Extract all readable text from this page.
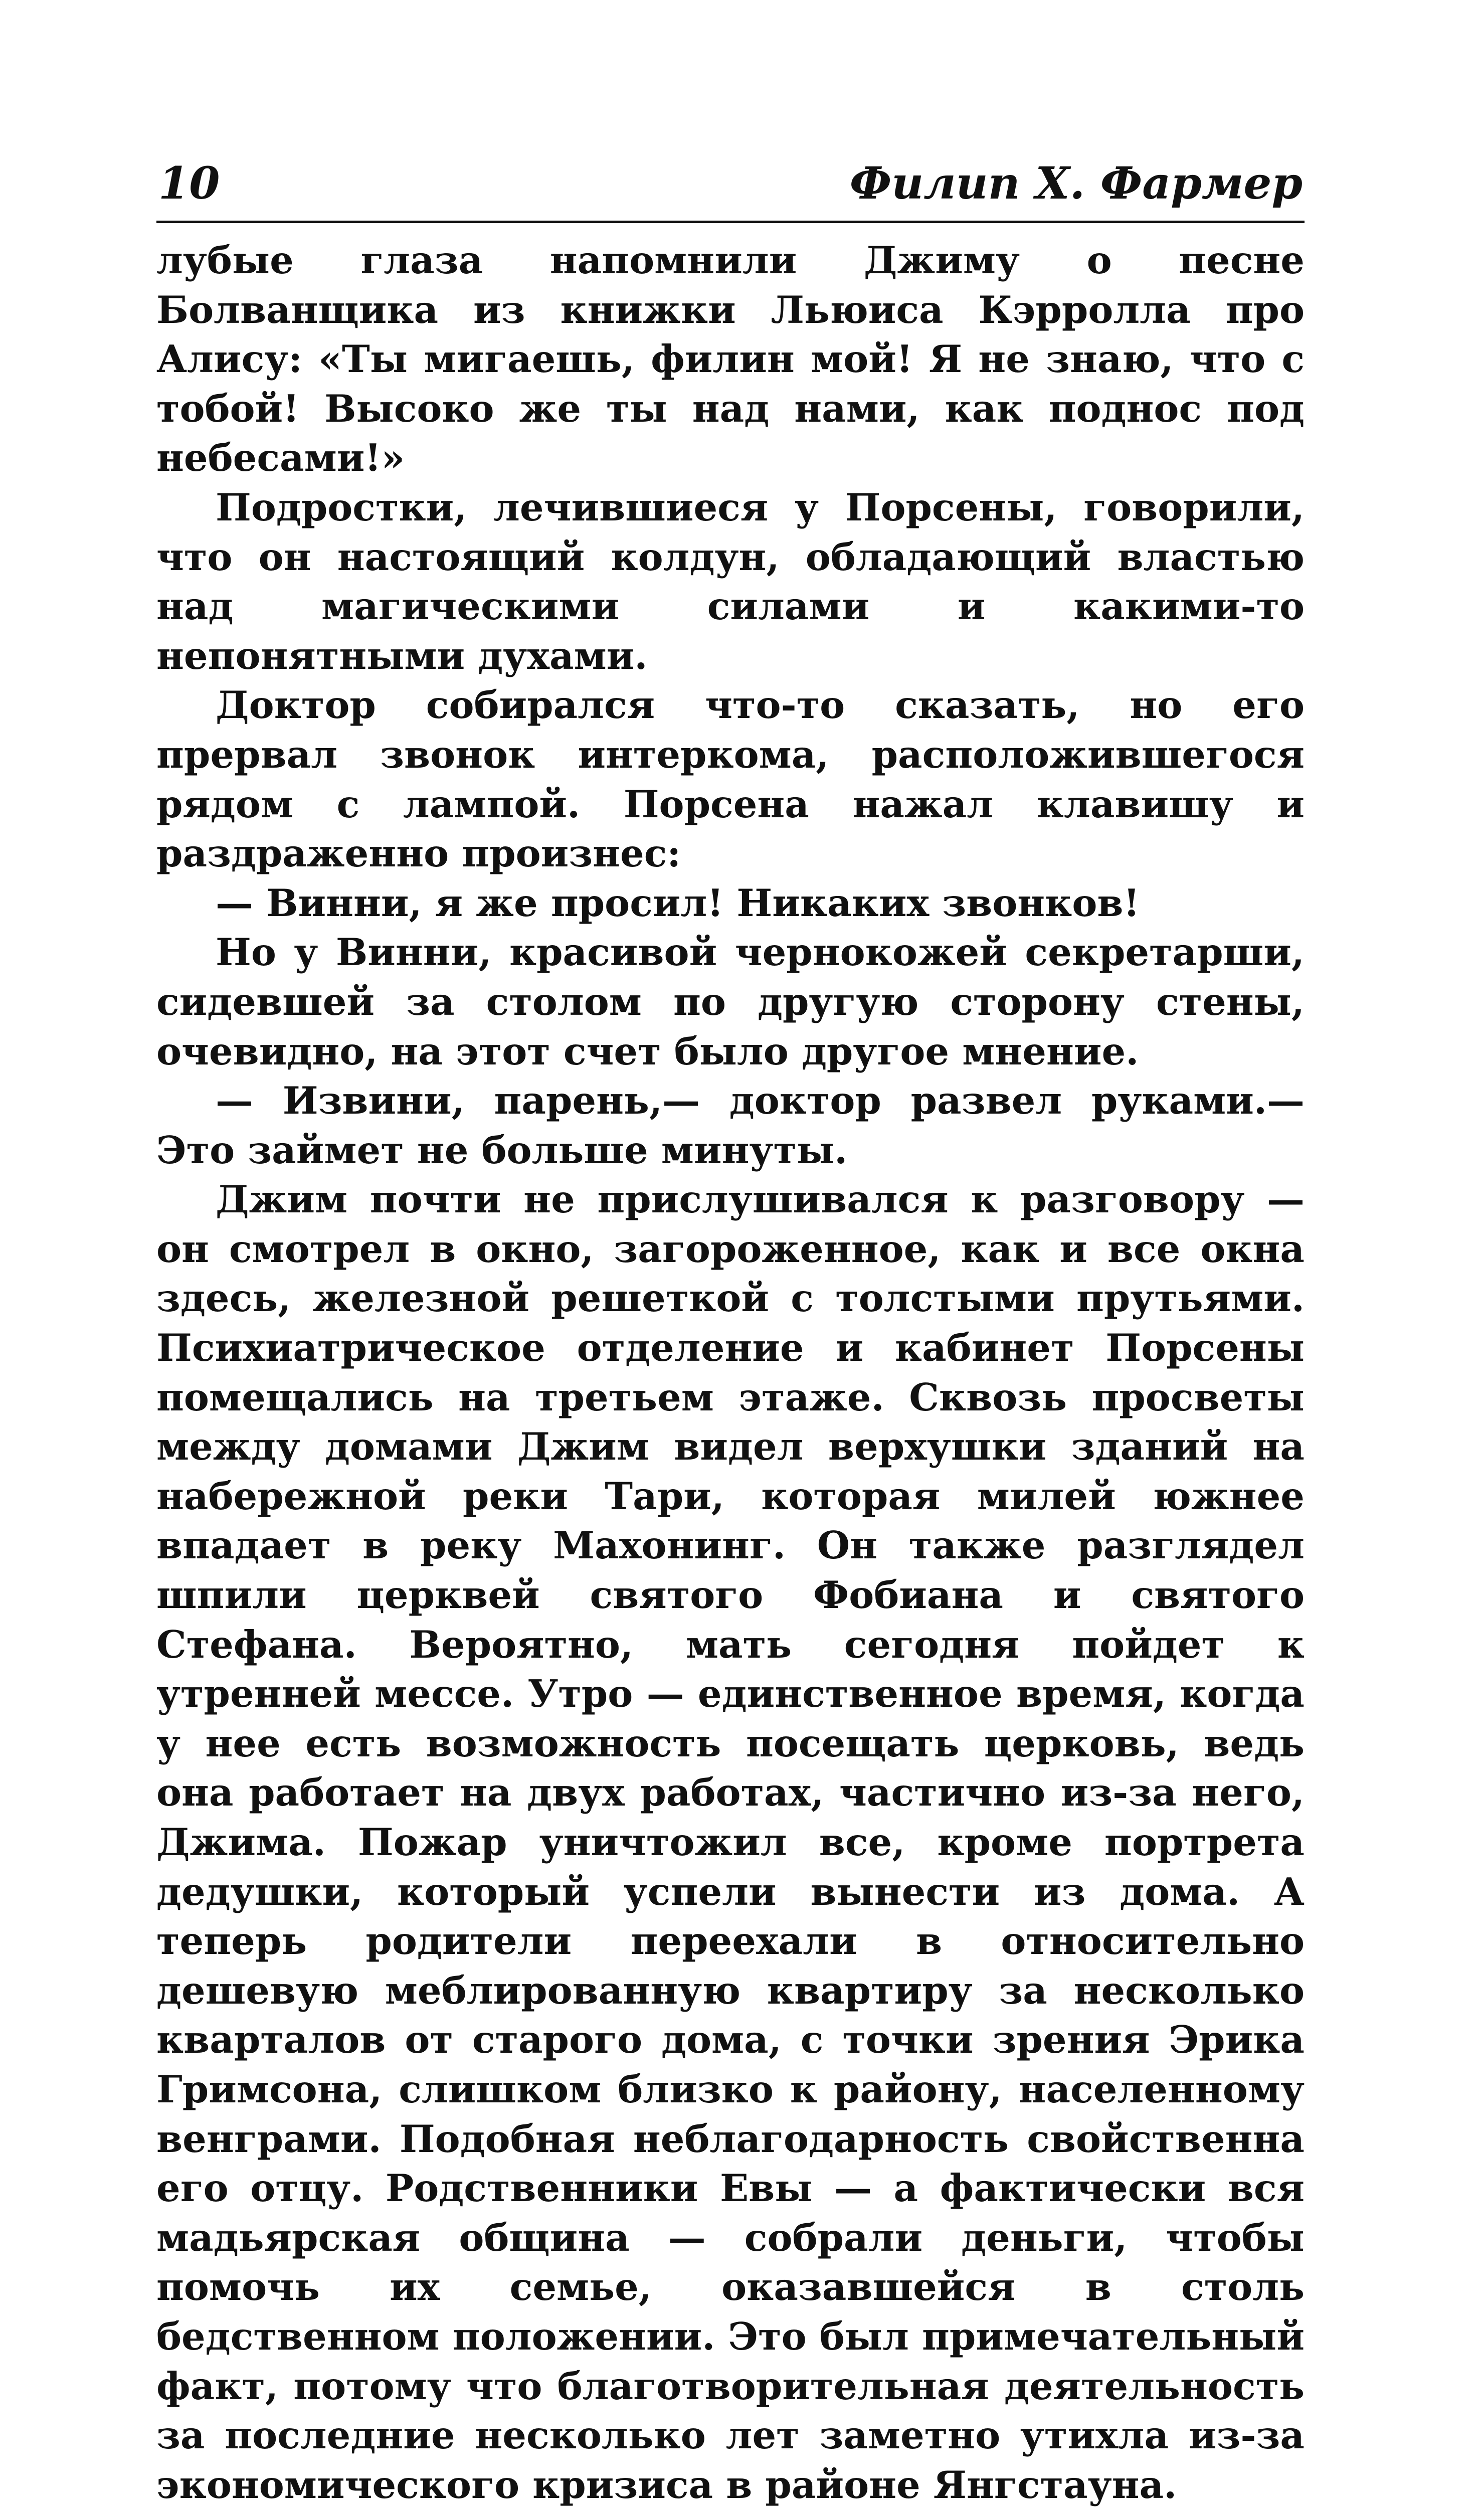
10	Филип Х. Фармер

лубые глаза напомнили Джиму о песне Болванщика из книжки Льюиса Кэрролла про Алису: «Ты мигаешь, филин мой! Я не знаю, что с тобой! Высоко же ты над нами, как поднос под небесами!»

Подростки, лечившиеся у Порсены, говорили, что он настоящий колдун, обладающий властью над магическими силами и какими-то непонятными духами.

Доктор собирался что-то сказать, но его прервал звонок интеркома, расположившегося рядом с лампой. Порсена нажал клавишу и раздраженно произнес:

— Винни, я же просил! Никаких звонков!

Но у Винни, красивой чернокожей секретарши, сидевшей за столом по другую сторону стены, очевидно, на этот счет было другое мнение.

— Извини, парень,— доктор развел руками.— Это займет не больше минуты.

Джим почти не прислушивался к разговору — он смотрел в окно, загороженное, как и все окна здесь, железной решеткой с толстыми прутьями. Психиатрическое отделение и кабинет Порсены помещались на третьем этаже. Сквозь просветы между домами Джим видел верхушки зданий на набережной реки Тари, которая милей южнее впадает в реку Махонинг. Он также разглядел шпили церквей святого Фобиана и святого Стефана. Вероятно, мать сегодня пойдет к утренней мессе. Утро — единственное время, когда у нее есть возможность посещать церковь, ведь она работает на двух работах, частично из-за него, Джима. Пожар уничтожил все, кроме портрета дедушки, который успели вынести из дома. А теперь родители переехали в относительно дешевую меблированную квартиру за несколько кварталов от старого дома, с точки зрения Эрика Гримсона, слишком близко к району, населенному венграми. Подобная неблагодарность свойственна его отцу. Родственники Евы — а фактически вся мадьярская община — собрали деньги, чтобы помочь их семье, оказавшейся в столь бедственном положении. Это был примечательный факт, потому что благотворительная деятельность за последние несколько лет заметно утихла из-за экономического кризиса в районе Янгстауна.
